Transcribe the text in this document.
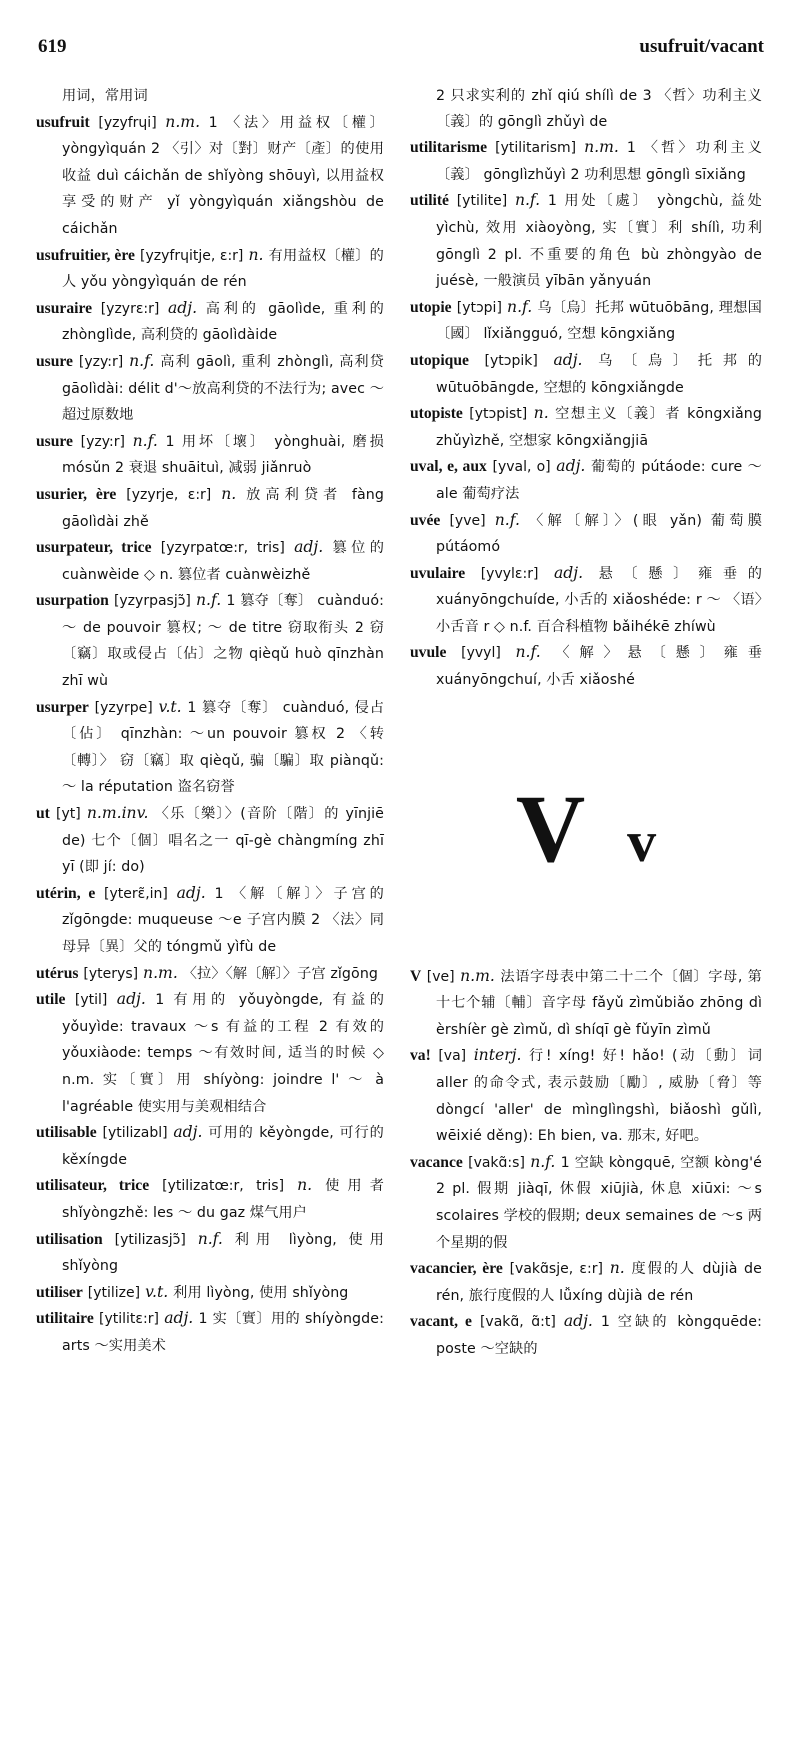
619	usufruit/vacant

用词，常用词

usufruit [yzyfrɥi] n.m. 1 〈法〉用益权〔權〕 yòngyìquán 2 〈引〉对〔對〕财产〔產〕的使用收益 duì cáichǎn de shǐyòng shōuyì, 以用益权享受的财产 yǐ yòngyìquán xiǎngshòu de cáichǎn

usufruitier, ère [yzyfrɥitje, ɛ:r] n. 有用益权〔權〕的人 yǒu yòngyìquán de rén

usuraire [yzyrɛ:r] adj. 高利的 gāolìde, 重利的 zhònglìde, 高利贷的 gāolìdàide

usure [yzy:r] n.f. 高利 gāolì, 重利 zhònglì, 高利贷 gāolìdài: délit d'～放高利贷的不法行为; avec ～ 超过原数地

usure [yzy:r] n.f. 1 用坏〔壞〕 yònghuài, 磨损 mósǔn 2 衰退 shuāituì, 减弱 jiǎnruò

usurier, ère [yzyrje, ɛ:r] n. 放高利贷者 fàng gāolìdài zhě

usurpateur, trice [yzyrpatœ:r, tris] adj. 篡位的 cuànwèide ◇ n. 篡位者 cuànwèizhě

usurpation [yzyrpasjɔ̃] n.f. 1 篡夺〔奪〕 cuànduó: ～ de pouvoir 篡权; ～ de titre 窃取衔头 2 窃〔竊〕取或侵占〔佔〕之物 qièqǔ huò qīnzhàn zhī wù

usurper [yzyrpe] v.t. 1 篡夺〔奪〕 cuànduó, 侵占〔佔〕 qīnzhàn: ～un pouvoir 篡权 2 〈转〔轉〕〉 窃〔竊〕取 qièqǔ, 骗〔騙〕取 piànqǔ: ～ la réputation 盗名窃誉

ut [yt] n.m.inv. 〈乐〔樂〕〉(音阶〔階〕的 yīnjiē de) 七个〔個〕唱名之一 qī-gè chàngmíng zhī yī (即 jí: do)

utérin, e [yterɛ̃,in] adj. 1 〈解〔解〕〉子宫的 zǐgōngde: muqueuse ～e 子宫内膜 2 〈法〉同母异〔異〕父的 tóngmǔ yìfù de

utérus [yterys] n.m. 〈拉〉〈解〔解〕〉子宫 zǐgōng

utile [ytil] adj. 1 有用的 yǒuyòngde, 有益的 yǒuyìde: travaux ～s 有益的工程 2 有效的 yǒuxiàode: temps ～有效时间, 适当的时候 ◇ n.m. 实〔實〕用 shíyòng: joindre l' ～ à l'agréable 使实用与美观相结合

utilisable [ytilizabl] adj. 可用的 kěyòngde, 可行的 kěxíngde

utilisateur, trice [ytilizatœ:r, tris] n. 使用者 shǐyòngzhě: les ～ du gaz 煤气用户

utilisation [ytilizasjɔ̃] n.f. 利用 lìyòng, 使用 shǐyòng

utiliser [ytilize] v.t. 利用 lìyòng, 使用 shǐyòng

utilitaire [ytilitɛ:r] adj. 1 实〔實〕用的 shíyòngde: arts ～实用美术

2 只求实利的 zhǐ qiú shílì de 3 〈哲〉功利主义〔義〕的 gōnglì zhǔyì de

utilitarisme [ytilitarism] n.m. 1 〈哲〉功利主义〔義〕 gōnglìzhǔyì 2 功利思想 gōnglì sīxiǎng

utilité [ytilite] n.f. 1 用处〔處〕 yòngchù, 益处 yìchù, 效用 xiàoyòng, 实〔實〕利 shílì, 功利 gōnglì 2 pl. 不重要的角色 bù zhòngyào de juésè, 一般演员 yībān yǎnyuán

utopie [ytɔpi] n.f. 乌〔烏〕托邦 wūtuōbāng, 理想国〔國〕 lǐxiǎngguó, 空想 kōngxiǎng

utopique [ytɔpik] adj. 乌〔烏〕托邦的 wūtuōbāngde, 空想的 kōngxiǎngde

utopiste [ytɔpist] n. 空想主义〔義〕者 kōngxiǎng zhǔyìzhě, 空想家 kōngxiǎngjiā

uval, e, aux [yval, o] adj. 葡萄的 pútáode: cure ～ ale 葡萄疗法

uvée [yve] n.f. 〈解〔解〕〉(眼 yǎn) 葡萄膜 pútáomó

uvulaire [yvylɛ:r] adj. 悬〔懸〕雍垂的 xuányōngchuíde, 小舌的 xiǎoshéde: r ～ 〈语〉小舌音 r ◇ n.f. 百合科植物 bǎihékē zhíwù

uvule [yvyl] n.f. 〈解〉悬〔懸〕雍垂 xuányōngchuí, 小舌 xiǎoshé

V v

V [ve] n.m. 法语字母表中第二十二个〔個〕字母, 第十七个辅〔輔〕音字母 fǎyǔ zìmǔbiǎo zhōng dì èrshíèr gè zìmǔ, dì shíqī gè fǔyīn zìmǔ

va! [va] interj. 行! xíng! 好! hǎo! (动〔動〕词 aller 的命令式, 表示鼓励〔勵〕, 威胁〔脅〕等 dòngcí 'aller' de mìnglìngshì, biǎoshì gǔlì, wēixié děng): Eh bien, va. 那末, 好吧。

vacance [vakɑ̃:s] n.f. 1 空缺 kòngquē, 空额 kòng'é 2 pl. 假期 jiàqī, 休假 xiūjià, 休息 xiūxi: ～s scolaires 学校的假期; deux semaines de ～s 两个星期的假

vacancier, ère [vakɑ̃sje, ɛ:r] n. 度假的人 dùjià de rén, 旅行度假的人 lǚxíng dùjià de rén

vacant, e [vakɑ̃, ɑ̃:t] adj. 1 空缺的 kòngquēde: poste ～空缺的
